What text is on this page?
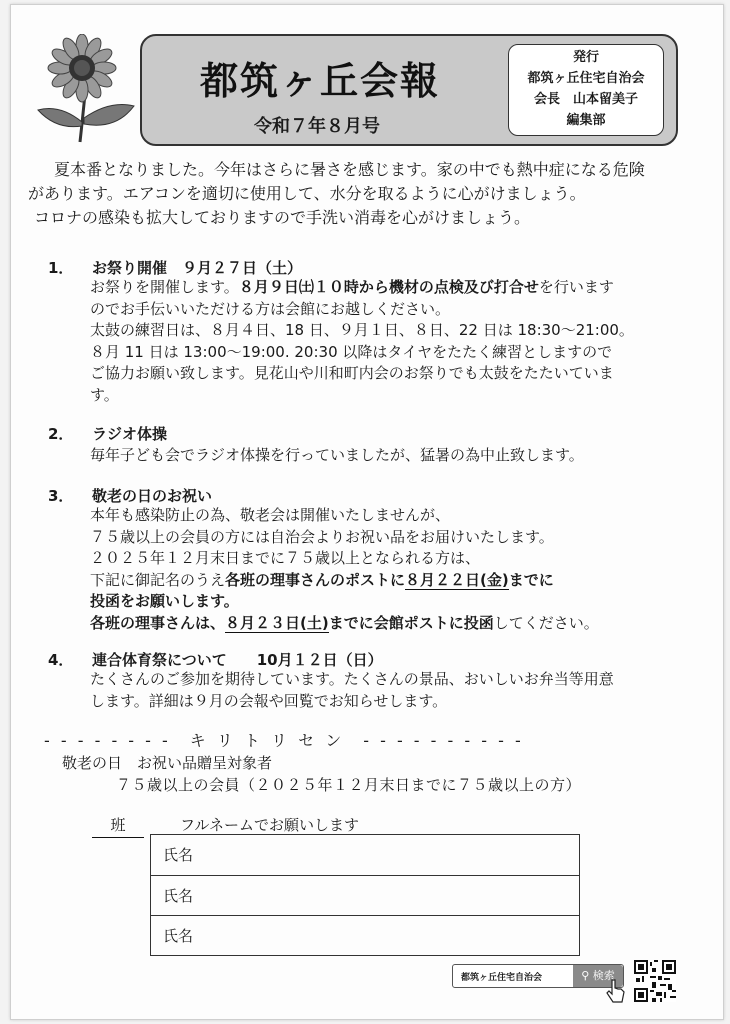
都筑ヶ丘会報
令和７年８月号
発行
都筑ヶ丘住宅自治会
会長　山本留美子
編集部
夏本番となりました。今年はさらに暑さを感じます。家の中でも熱中症になる危険
があります。エアコンを適切に使用して、水分を取るように心がけましょう。
コロナの感染も拡大しておりますので手洗い消毒を心がけましょう。
1． お祭り開催　９月２７日（土）
お祭りを開催します。８月９日㈯１０時から機材の点検及び打合せを行います
のでお手伝いいただける方は会館にお越しください。
太鼓の練習日は、８月４日、18 日、９月１日、８日、22 日は 18:30～21:00。
８月 11 日は 13:00～19:00. 20:30 以降はタイヤをたたく練習としますので
ご協力お願い致します。見花山や川和町内会のお祭りでも太鼓をたたいていま
す。
2． ラジオ体操
毎年子ども会でラジオ体操を行っていましたが、猛暑の為中止致します。
3． 敬老の日のお祝い
本年も感染防止の為、敬老会は開催いたしませんが、
７５歳以上の会員の方には自治会よりお祝い品をお届けいたします。
２０２５年１２月末日までに７５歳以上となられる方は、
下記に御記名のうえ各班の理事さんのポストに８月２２日(金)までに
投函をお願いします。
各班の理事さんは、８月２３日(土)までに会館ポストに投函してください。
4． 連合体育祭について　　10月１２日（日）
たくさんのご参加を期待しています。たくさんの景品、おいしいお弁当等用意
します。詳細は９月の会報や回覧でお知らせします。
- - - - - - - -　キ リ ト リ セ ン　- - - - - - - - - -
敬老の日　お祝い品贈呈対象者
７５歳以上の会員（２０２５年１２月末日までに７５歳以上の方）
班	フルネームでお願いします
氏名
氏名
氏名
都筑ヶ丘住宅自治会	⚲ 検索
